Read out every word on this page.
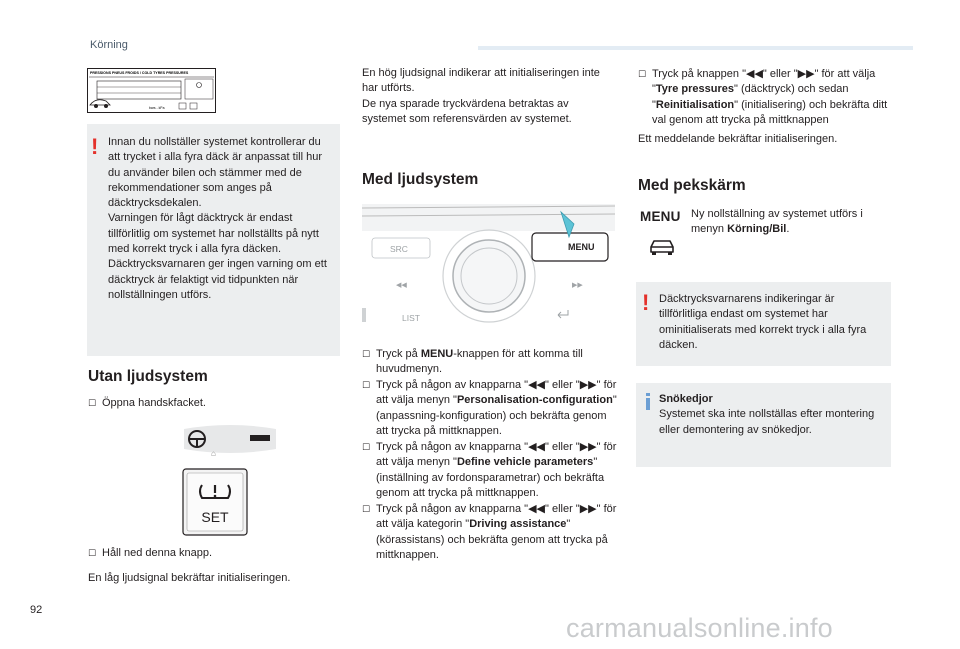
Körning
PRESSIONS PNEUS FROIDS / COLD TYRES PRESSURES
bars - kPa
! Innan du nollställer systemet kontrollerar du att trycket i alla fyra däck är anpassat till hur du använder bilen och stämmer med de rekommendationer som anges på däcktrycksdekalen.
Varningen för lågt däcktryck är endast tillförlitlig om systemet har nollställts på nytt med korrekt tryck i alla fyra däcken.
Däcktrycksvarnaren ger ingen varning om ett däcktryck är felaktigt vid tidpunkten när nollställningen utförs.
Utan ljudsystem
☐ Öppna handskfacket.
⌂
SET
☐ Håll ned denna knapp.
En låg ljudsignal bekräftar initialiseringen.
En hög ljudsignal indikerar att initialiseringen inte har utförts.
De nya sparade tryckvärdena betraktas av systemet som referensvärden av systemet.
Med ljudsystem
SRC	MENU
◀◀	▶▶
LIST
☐ Tryck på MENU-knappen för att komma till huvudmenyn.
☐ Tryck på någon av knapparna "◀◀" eller "▶▶" för att välja menyn "Personalisation-configuration" (anpassning-konfiguration) och bekräfta genom att trycka på mittknappen.
☐ Tryck på någon av knapparna "◀◀" eller "▶▶" för att välja menyn "Define vehicle parameters" (inställning av fordonsparametrar) och bekräfta genom att trycka på mittknappen.
☐ Tryck på någon av knapparna "◀◀" eller "▶▶" för att välja kategorin "Driving assistance" (körassistans) och bekräfta genom att trycka på mittknappen.
☐ Tryck på knappen "◀◀" eller "▶▶" för att välja "Tyre pressures" (däcktryck) och sedan "Reinitialisation" (initialisering) och bekräfta ditt val genom att trycka på mittknappen
Ett meddelande bekräftar initialiseringen.
Med pekskärm
MENU Ny nollställning av systemet utförs i menyn Körning/Bil.
! Däcktrycksvarnarens indikeringar är tillförlitliga endast om systemet har ominitialiserats med korrekt tryck i alla fyra däcken.
Snökedjor
Systemet ska inte nollställas efter montering eller demontering av snökedjor.
92
carmanualsonline.info
